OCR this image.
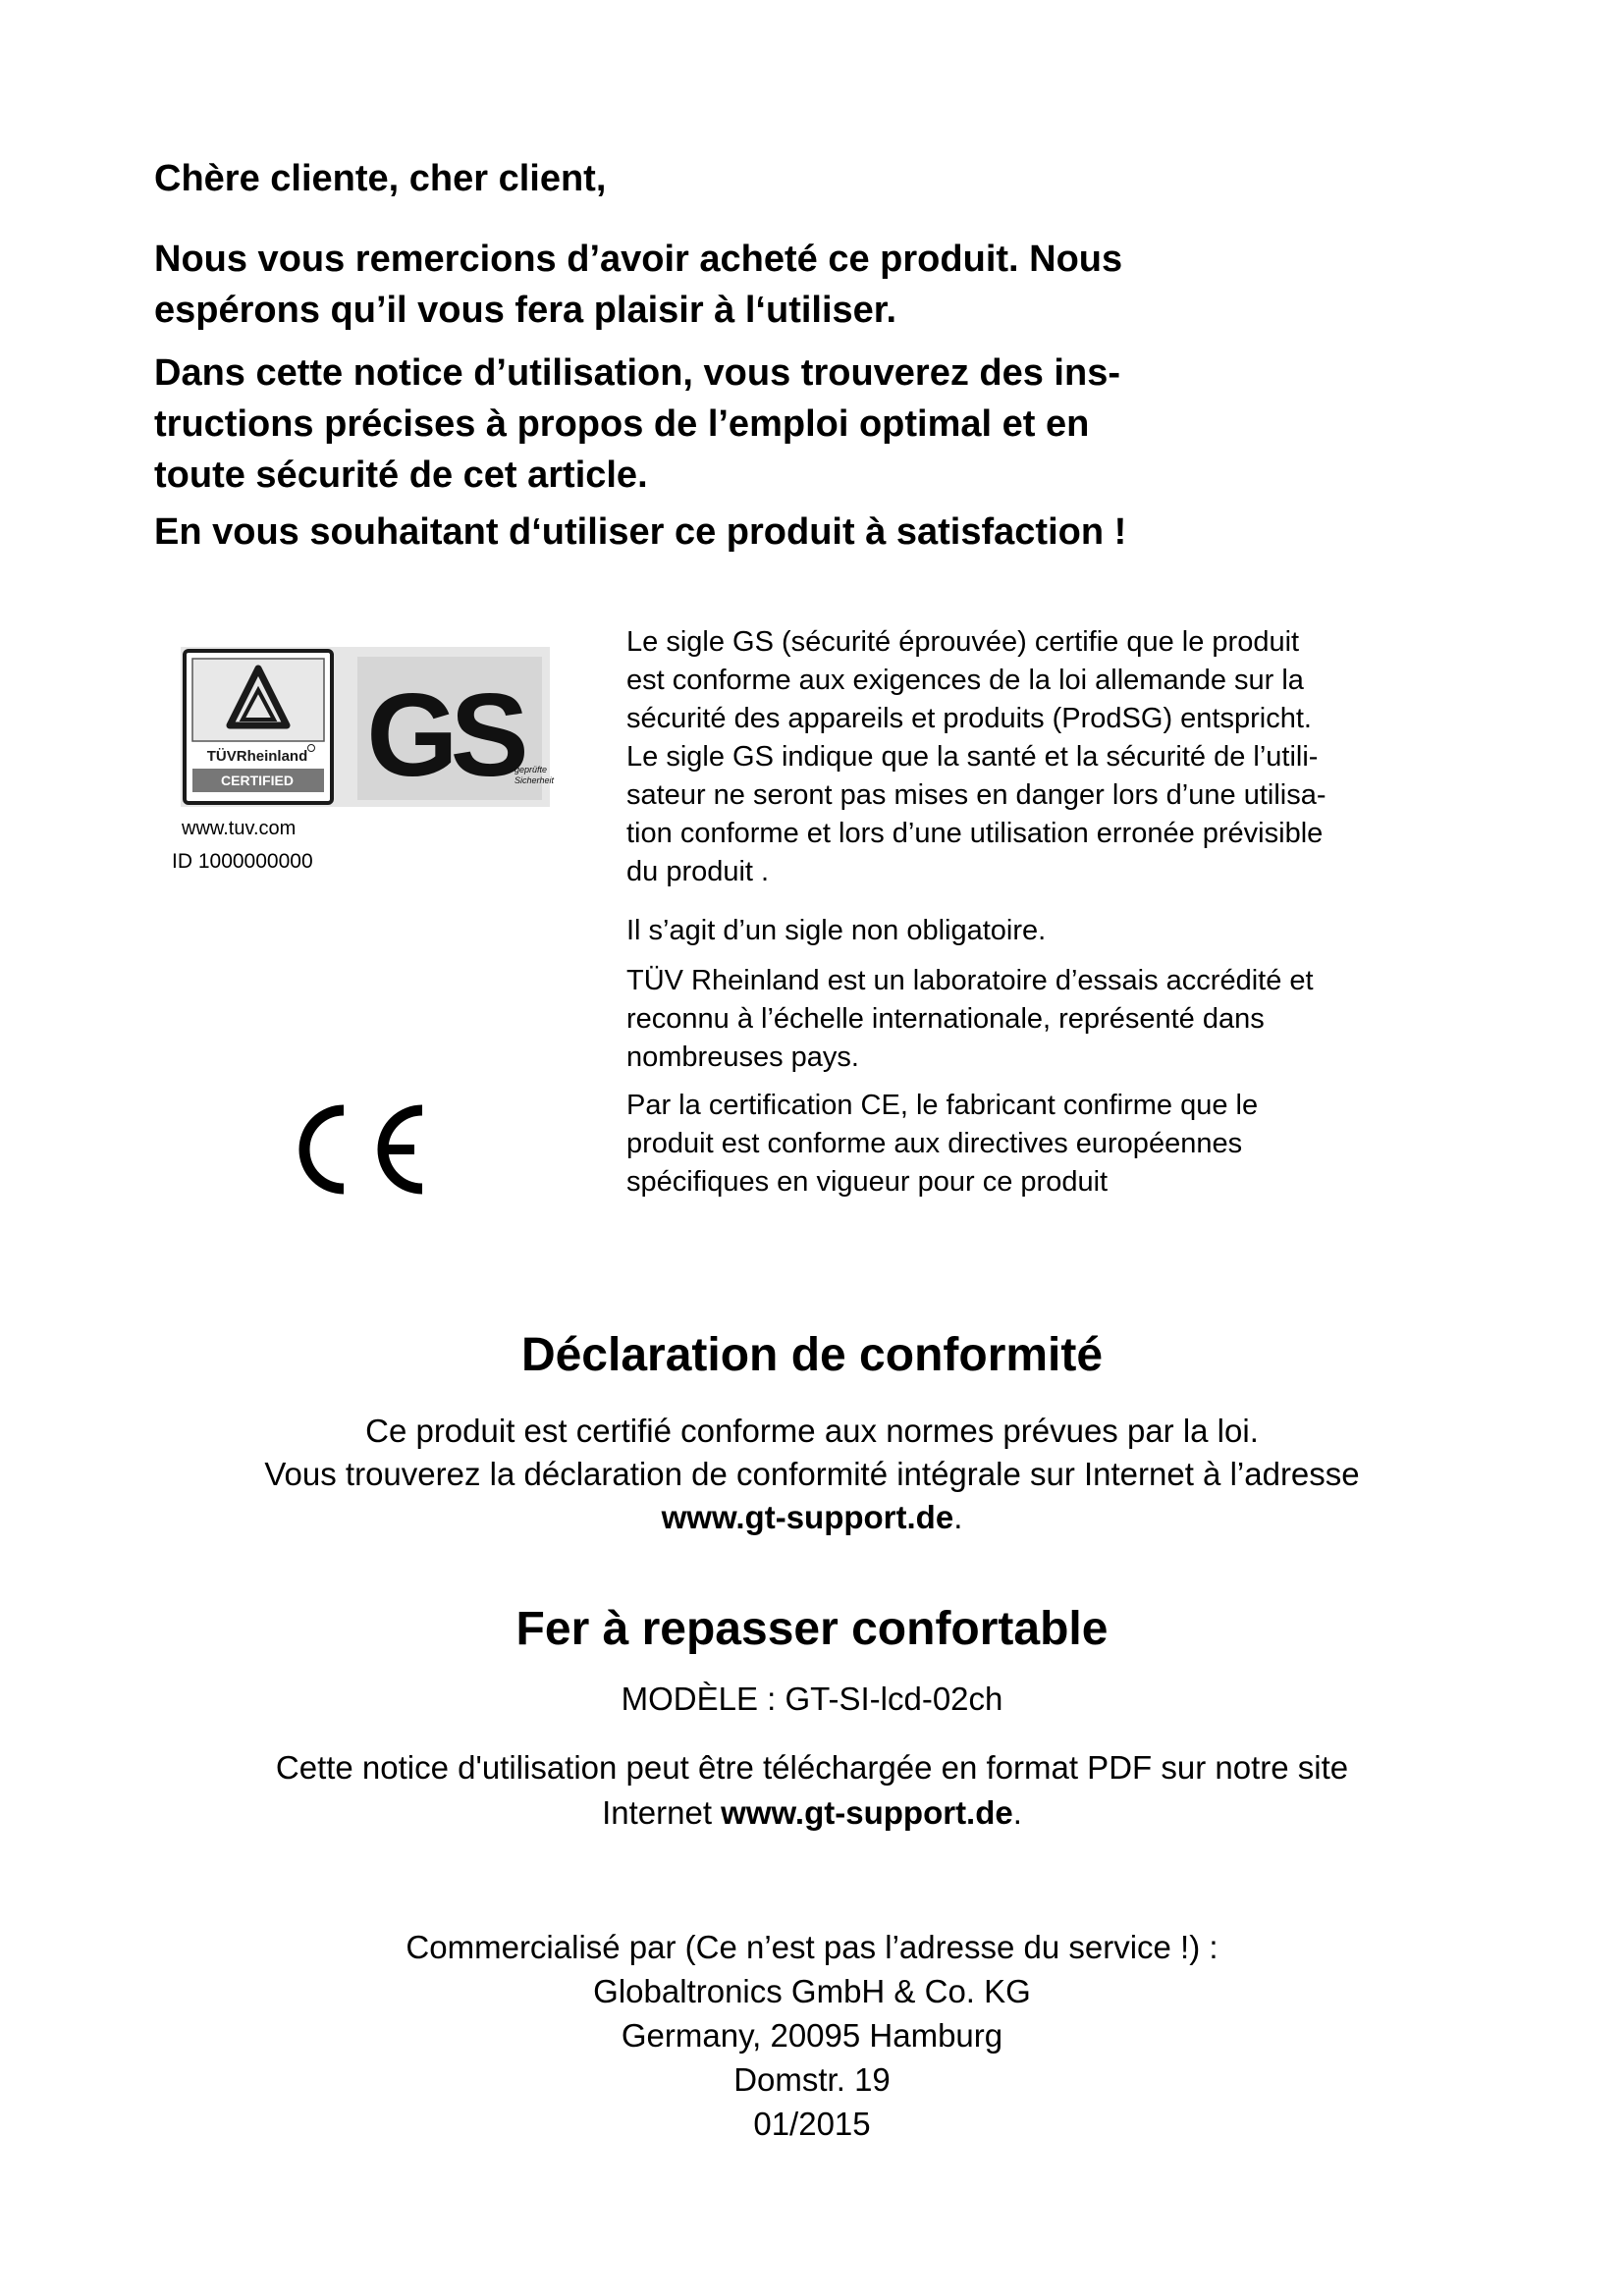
Chère cliente, cher client,
Nous vous remercions d’avoir acheté ce produit. Nous
espérons qu’il vous fera plaisir à l‘utiliser.
Dans cette notice d’utilisation, vous trouverez des ins-
tructions précises à propos de l’emploi optimal et en
toute sécurité de cet article.
En vous souhaitant d‘utiliser ce produit à satisfaction !
TÜVRheinland
CERTIFIED GS
geprüfte
Sicherheit
www.tuv.com
ID 1000000000
Le sigle GS (sécurité éprouvée) certifie que le produit
est conforme aux exigences de la loi allemande sur la
sécurité des appareils et produits (ProdSG) entspricht.
Le sigle GS indique que la santé et la sécurité de l’utili-
sateur ne seront pas mises en danger lors d’une utilisa-
tion conforme et lors d’une utilisation erronée prévisible
du produit .
Il s’agit d’un sigle non obligatoire.
TÜV Rheinland est un laboratoire d’essais accrédité et
reconnu à l’échelle internationale, représenté dans
nombreuses pays.
Par la certification CE, le fabricant confirme que le
produit est conforme aux directives européennes
spécifiques en vigueur pour ce produit
Déclaration de conformité
Ce produit est certifié conforme aux normes prévues par la loi.
Vous trouverez la déclaration de conformité intégrale sur Internet à l’adresse
www.gt-support.de.
Fer à repasser confortable
MODÈLE : GT-SI-lcd-02ch
Cette notice d'utilisation peut être téléchargée en format PDF sur notre site
Internet www.gt-support.de.
Commercialisé par (Ce n’est pas l’adresse du service !) :
Globaltronics GmbH & Co. KG
Germany, 20095 Hamburg
Domstr. 19
01/2015
